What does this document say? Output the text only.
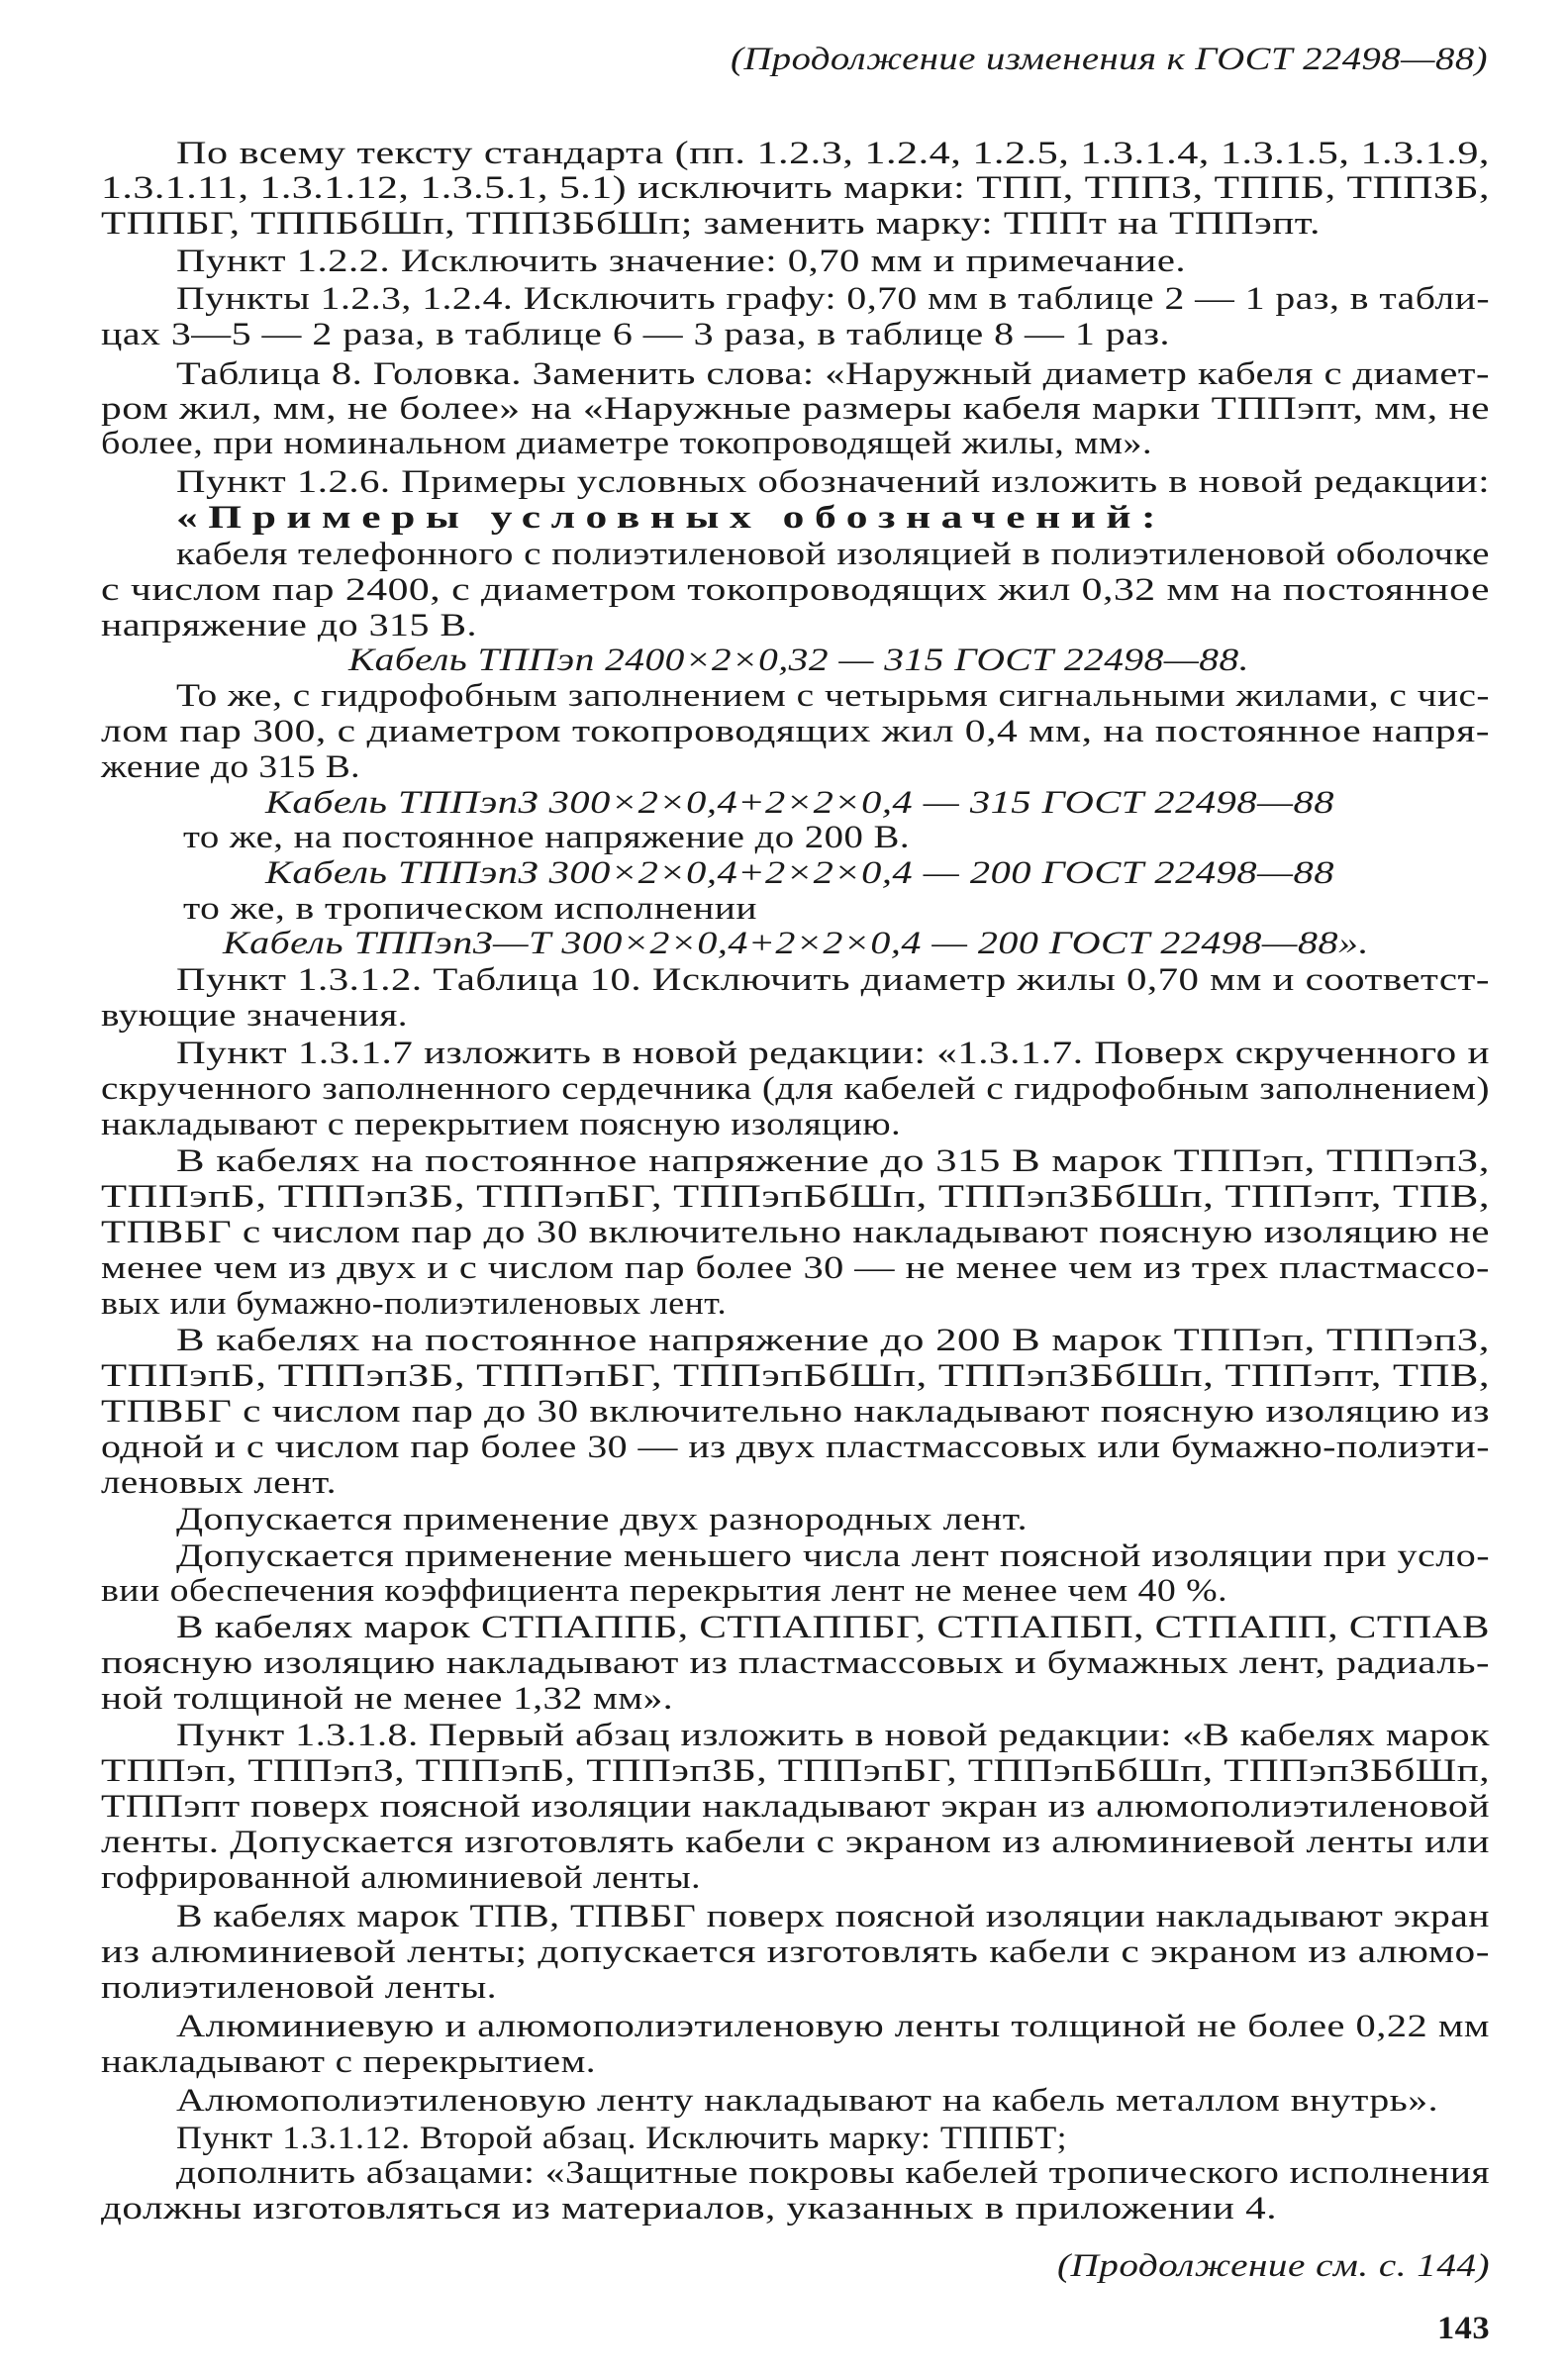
(Продолжение изменения к ГОСТ 22498—88)
По всему тексту стандарта (пп. 1.2.3, 1.2.4, 1.2.5, 1.3.1.4, 1.3.1.5, 1.3.1.9,
1.3.1.11, 1.3.1.12, 1.3.5.1, 5.1) исключить марки: ТПП, ТППЗ, ТППБ, ТППЗБ,
ТППБГ, ТППБбШп, ТППЗБбШп; заменить марку: ТППт на ТППэпт.
Пункт 1.2.2. Исключить значение: 0,70 мм и примечание.
Пункты 1.2.3, 1.2.4. Исключить графу: 0,70 мм в таблице 2 — 1 раз, в табли-
цах 3—5 — 2 раза, в таблице 6 — 3 раза, в таблице 8 — 1 раз.
Таблица 8. Головка. Заменить слова: «Наружный диаметр кабеля с диамет-
ром жил, мм, не более» на «Наружные размеры кабеля марки ТППэпт, мм, не
более, при номинальном диаметре токопроводящей жилы, мм».
Пункт 1.2.6. Примеры условных обозначений изложить в новой редакции:
«Примеры условных обозначений:
кабеля телефонного с полиэтиленовой изоляцией в полиэтиленовой оболочке
с числом пар 2400, с диаметром токопроводящих жил 0,32 мм на постоянное
напряжение до 315 В.
Кабель ТППэп 2400×2×0,32 — 315 ГОСТ 22498—88.
То же, с гидрофобным заполнением с четырьмя сигнальными жилами, с чис-
лом пар 300, с диаметром токопроводящих жил 0,4 мм, на постоянное напря-
жение до 315 В.
Кабель ТППэпЗ 300×2×0,4+2×2×0,4 — 315 ГОСТ 22498—88
то же, на постоянное напряжение до 200 В.
Кабель ТППэпЗ 300×2×0,4+2×2×0,4 — 200 ГОСТ 22498—88
то же, в тропическом исполнении
Кабель ТППэпЗ—Т 300×2×0,4+2×2×0,4 — 200 ГОСТ 22498—88».
Пункт 1.3.1.2. Таблица 10. Исключить диаметр жилы 0,70 мм и соответст-
вующие значения.
Пункт 1.3.1.7 изложить в новой редакции: «1.3.1.7. Поверх скрученного и
скрученного заполненного сердечника (для кабелей с гидрофобным заполнением)
накладывают с перекрытием поясную изоляцию.
В кабелях на постоянное напряжение до 315 В марок ТППэп, ТППэпЗ,
ТППэпБ, ТППэпЗБ, ТППэпБГ, ТППэпБбШп, ТППэпЗБбШп, ТППэпт, ТПВ,
ТПВБГ с числом пар до 30 включительно накладывают поясную изоляцию не
менее чем из двух и с числом пар более 30 — не менее чем из трех пластмассо-
вых или бумажно-полиэтиленовых лент.
В кабелях на постоянное напряжение до 200 В марок ТППэп, ТППэпЗ,
ТППэпБ, ТППэпЗБ, ТППэпБГ, ТППэпБбШп, ТППэпЗБбШп, ТППэпт, ТПВ,
ТПВБГ с числом пар до 30 включительно накладывают поясную изоляцию из
одной и с числом пар более 30 — из двух пластмассовых или бумажно-полиэти-
леновых лент.
Допускается применение двух разнородных лент.
Допускается применение меньшего числа лент поясной изоляции при усло-
вии обеспечения коэффициента перекрытия лент не менее чем 40 %.
В кабелях марок СТПАППБ, СТПАППБГ, СТПАПБП, СТПАПП, СТПАВ
поясную изоляцию накладывают из пластмассовых и бумажных лент, радиаль-
ной толщиной не менее 1,32 мм».
Пункт 1.3.1.8. Первый абзац изложить в новой редакции: «В кабелях марок
ТППэп, ТППэпЗ, ТППэпБ, ТППэпЗБ, ТППэпБГ, ТППэпБбШп, ТППэпЗБбШп,
ТППэпт поверх поясной изоляции накладывают экран из алюмополиэтиленовой
ленты. Допускается изготовлять кабели с экраном из алюминиевой ленты или
гофрированной алюминиевой ленты.
В кабелях марок ТПВ, ТПВБГ поверх поясной изоляции накладывают экран
из алюминиевой ленты; допускается изготовлять кабели с экраном из алюмо-
полиэтиленовой ленты.
Алюминиевую и алюмополиэтиленовую ленты толщиной не более 0,22 мм
накладывают с перекрытием.
Алюмополиэтиленовую ленту накладывают на кабель металлом внутрь».
Пункт 1.3.1.12. Второй абзац. Исключить марку: ТППБТ;
дополнить абзацами: «Защитные покровы кабелей тропического исполнения
должны изготовляться из материалов, указанных в приложении 4.
(Продолжение см. с. 144)
143
